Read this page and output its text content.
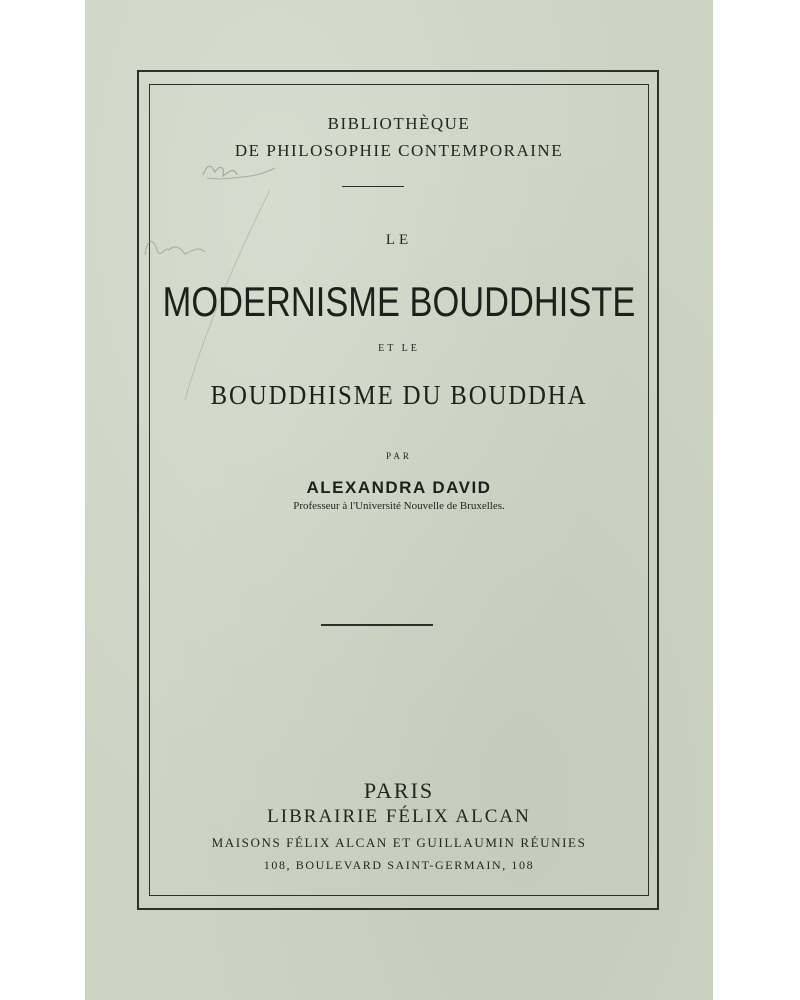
BIBLIOTHÈQUE
DE PHILOSOPHIE CONTEMPORAINE
LE
MODERNISME BOUDDHISTE
ET LE
BOUDDHISME DU BOUDDHA
PAR
ALEXANDRA DAVID
Professeur à l'Université Nouvelle de Bruxelles.
PARIS
LIBRAIRIE FÉLIX ALCAN
MAISONS FÉLIX ALCAN ET GUILLAUMIN RÉUNIES
108, BOULEVARD SAINT-GERMAIN, 108
